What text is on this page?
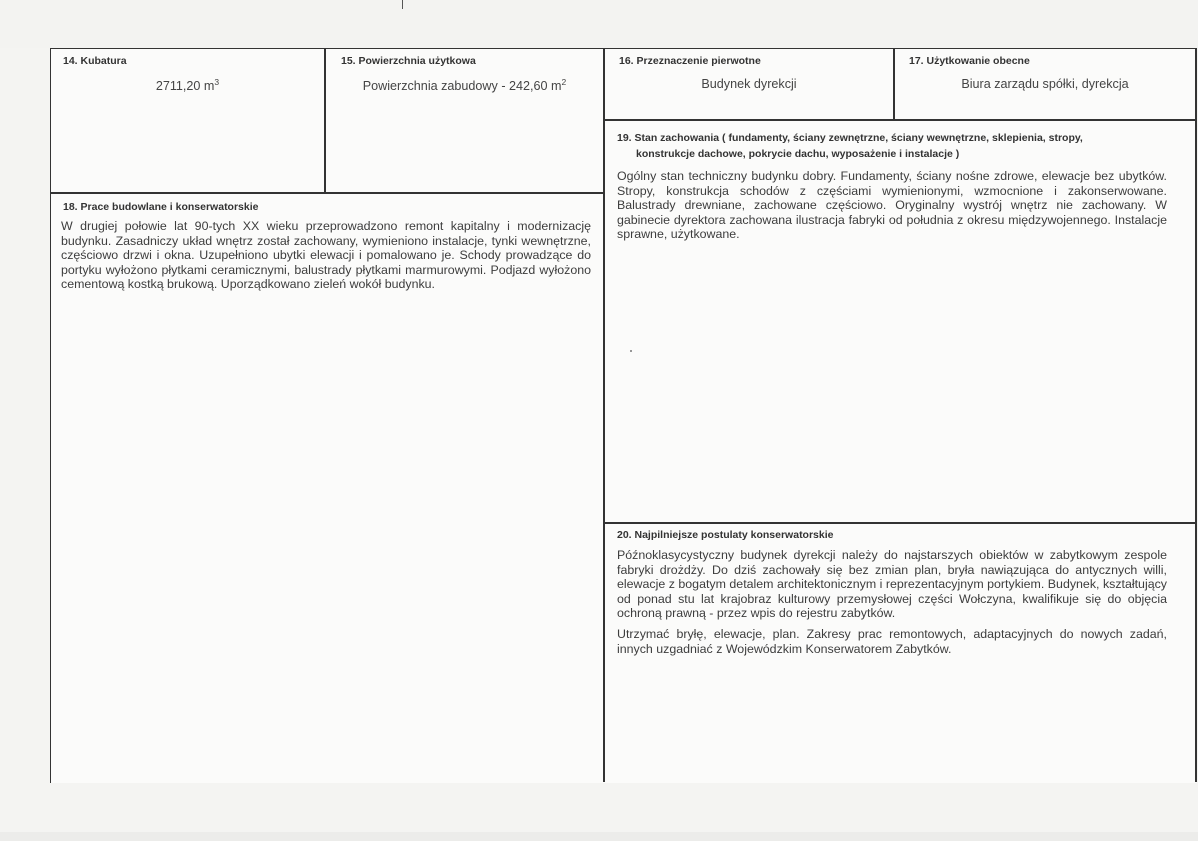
14. Kubatura
2711,20 $m^3$
15. Powierzchnia użytkowa
Powierzchnia zabudowy - 242,60 $m^2$
16. Przeznaczenie pierwotne
Budynek dyrekcji
17. Użytkowanie obecne
Biura zarządu spółki, dyrekcja
18. Prace budowlane i konserwatorskie

W drugiej połowie lat 90-tych XX wieku przeprowadzono remont kapitalny i modernizację budynku. Zasadniczy układ wnętrz został zachowany, wymieniono instalacje, tynki wewnętrzne, częściowo drzwi i okna. Uzupełniono ubytki elewacji i pomalowano je. Schody prowadzące do portyku wyłożono płytkami ceramicznymi, balustrady płytkami marmurowymi. Podjazd wyłożono cementową kostką brukową. Uporządkowano zieleń wokół budynku.

19. Stan zachowania ( fundamenty, ściany zewnętrzne, ściany wewnętrzne, sklepienia, stropy,
konstrukcje dachowe, pokrycie dachu, wyposażenie i instalacje )

Ogólny stan techniczny budynku dobry. Fundamenty, ściany nośne zdrowe, elewacje bez ubytków. Stropy, konstrukcja schodów z częściami wymienionymi, wzmocnione i zakonserwowane. Balustrady drewniane, zachowane częściowo. Oryginalny wystrój wnętrz nie zachowany. W gabinecie dyrektora zachowana ilustracja fabryki od południa z okresu międzywojennego. Instalacje sprawne, użytkowane.

20. Najpilniejsze postulaty konserwatorskie

Późnoklasycystyczny budynek dyrekcji należy do najstarszych obiektów w zabytkowym zespole fabryki drożdży. Do dziś zachowały się bez zmian plan, bryła nawiązująca do antycznych willi, elewacje z bogatym detalem architektonicznym i reprezentacyjnym portykiem. Budynek, kształtujący od ponad stu lat krajobraz kulturowy przemysłowej części Wołczyna, kwalifikuje się do objęcia ochroną prawną - przez wpis do rejestru zabytków.

Utrzymać bryłę, elewacje, plan. Zakresy prac remontowych, adaptacyjnych do nowych zadań, innych uzgadniać z Wojewódzkim Konserwatorem Zabytków.
